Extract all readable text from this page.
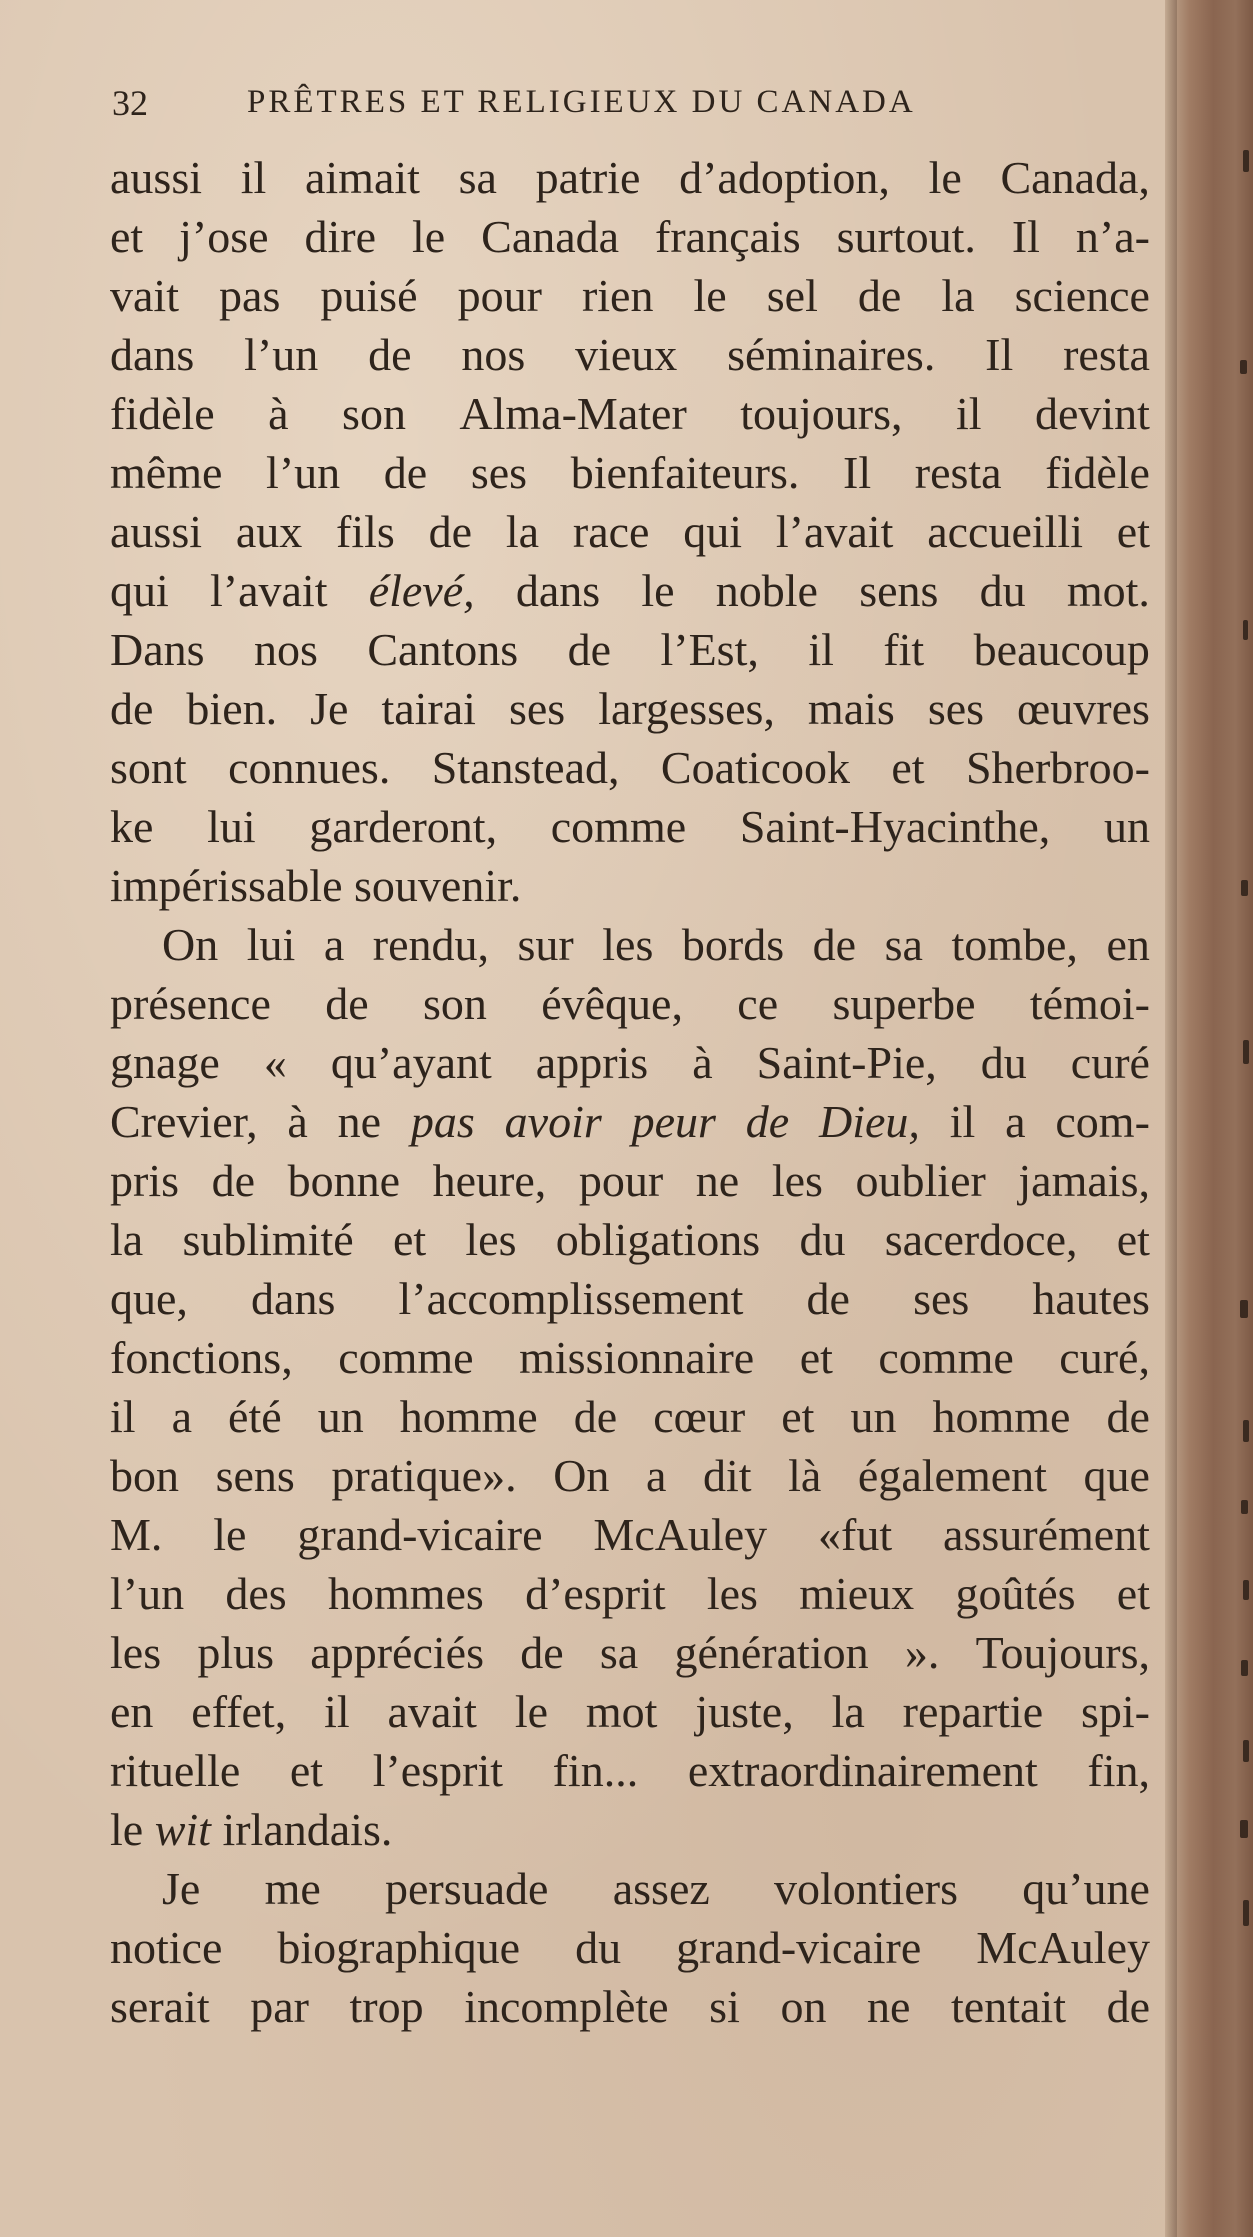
32	PRÊTRES ET RELIGIEUX DU CANADA
aussi il aimait sa patrie d’adoption, le Canada,
et j’ose dire le Canada français surtout. Il n’a-
vait pas puisé pour rien le sel de la science
dans l’un de nos vieux séminaires. Il resta
fidèle à son Alma-Mater toujours, il devint
même l’un de ses bienfaiteurs. Il resta fidèle
aussi aux fils de la race qui l’avait accueilli et
qui l’avait élevé, dans le noble sens du mot.
Dans nos Cantons de l’Est, il fit beaucoup
de bien. Je tairai ses largesses, mais ses œuvres
sont connues. Stanstead, Coaticook et Sherbroo-
ke lui garderont, comme Saint-Hyacinthe, un
impérissable souvenir.
On lui a rendu, sur les bords de sa tombe, en
présence de son évêque, ce superbe témoi-
gnage « qu’ayant appris à Saint-Pie, du curé
Crevier, à ne pas avoir peur de Dieu, il a com-
pris de bonne heure, pour ne les oublier jamais,
la sublimité et les obligations du sacerdoce, et
que, dans l’accomplissement de ses hautes
fonctions, comme missionnaire et comme curé,
il a été un homme de cœur et un homme de
bon sens pratique». On a dit là également que
M. le grand-vicaire McAuley «fut assurément
l’un des hommes d’esprit les mieux goûtés et
les plus appréciés de sa génération ». Toujours,
en effet, il avait le mot juste, la repartie spi-
rituelle et l’esprit fin... extraordinairement fin,
le wit irlandais.
Je me persuade assez volontiers qu’une
notice biographique du grand-vicaire McAuley
serait par trop incomplète si on ne tentait de
